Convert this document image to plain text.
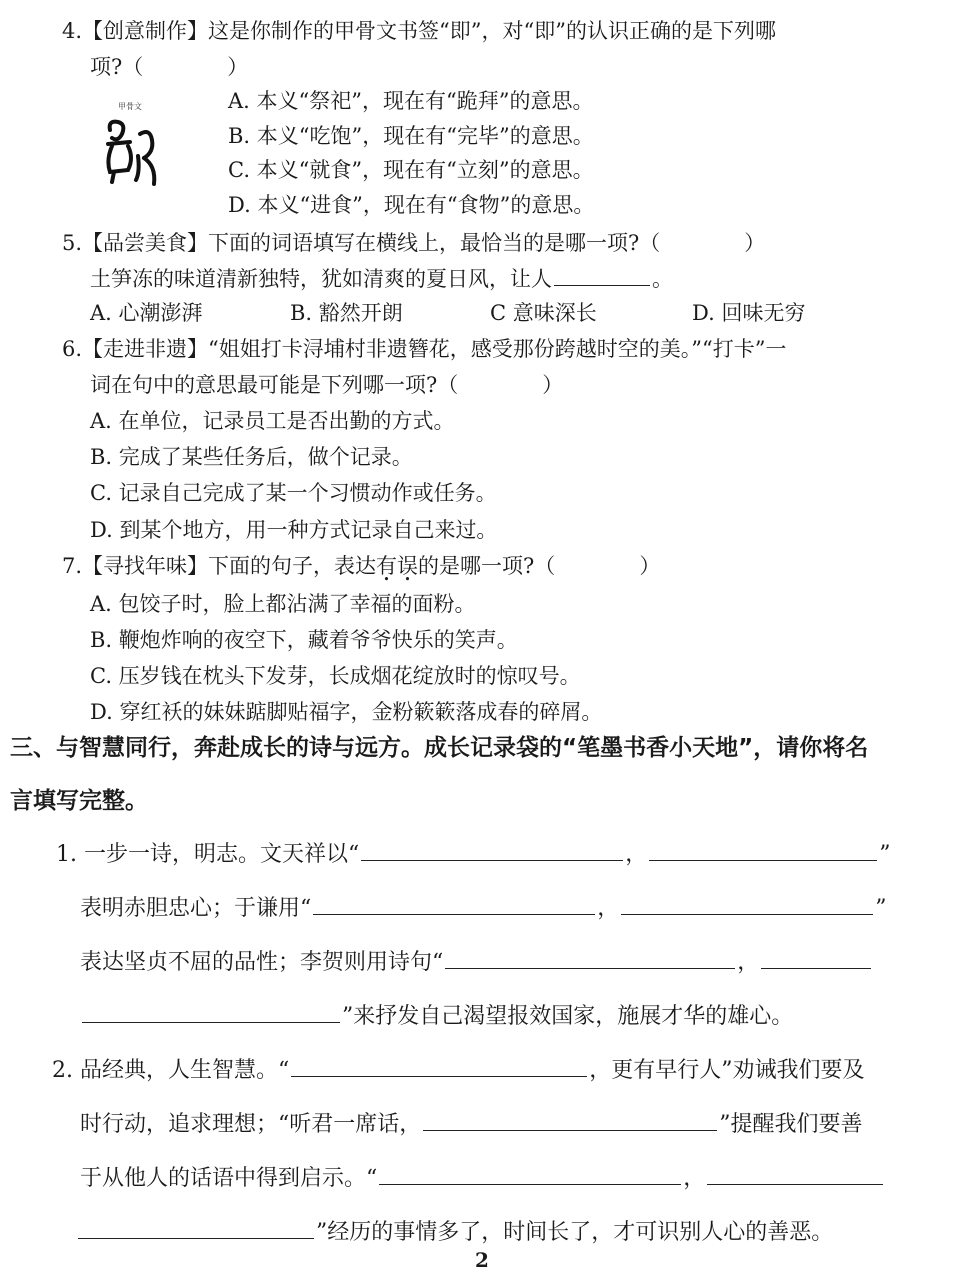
4.【创意制作】这是你制作的甲骨文书签“即”，对“即”的认识正确的是下列哪
项?（	）
甲骨文	A. 本义“祭祀”，现在有“跪拜”的意思。
B. 本义“吃饱”，现在有“完毕”的意思。
C. 本义“就食”，现在有“立刻”的意思。
D. 本义“进食”，现在有“食物”的意思。
5.【品尝美食】下面的词语填写在横线上，最恰当的是哪一项?（	）
土笋冻的味道清新独特，犹如清爽的夏日风，让人	。
A. 心潮澎湃	B. 豁然开朗	C 意味深长	D. 回味无穷
6.【走进非遗】“姐姐打卡浔埔村非遗簪花，感受那份跨越时空的美。”“打卡”一
词在句中的意思最可能是下列哪一项?（	）
A. 在单位，记录员工是否出勤的方式。
B. 完成了某些任务后，做个记录。
C. 记录自己完成了某一个习惯动作或任务。
D. 到某个地方，用一种方式记录自己来过。
7.【寻找年味】下面的句子，表达有误的是哪一项?（	）
A. 包饺子时，脸上都沾满了幸福的面粉。
B. 鞭炮炸响的夜空下，藏着爷爷快乐的笑声。
C. 压岁钱在枕头下发芽，长成烟花绽放时的惊叹号。
D. 穿红袄的妹妹踮脚贴福字，金粉簌簌落成春的碎屑。
三、与智慧同行，奔赴成长的诗与远方。成长记录袋的“笔墨书香小天地”，请你将名
言填写完整。
1. 一步一诗，明志。文天祥以“	，	”
表明赤胆忠心；于谦用“	，	”
表达坚贞不屈的品性；李贺则用诗句“	，
”来抒发自己渴望报效国家，施展才华的雄心。
2. 品经典，人生智慧。“	，更有早行人”劝诫我们要及
时行动，追求理想；“听君一席话，	”提醒我们要善
于从他人的话语中得到启示。“	，
”经历的事情多了，时间长了，才可识别人心的善恶。
2
